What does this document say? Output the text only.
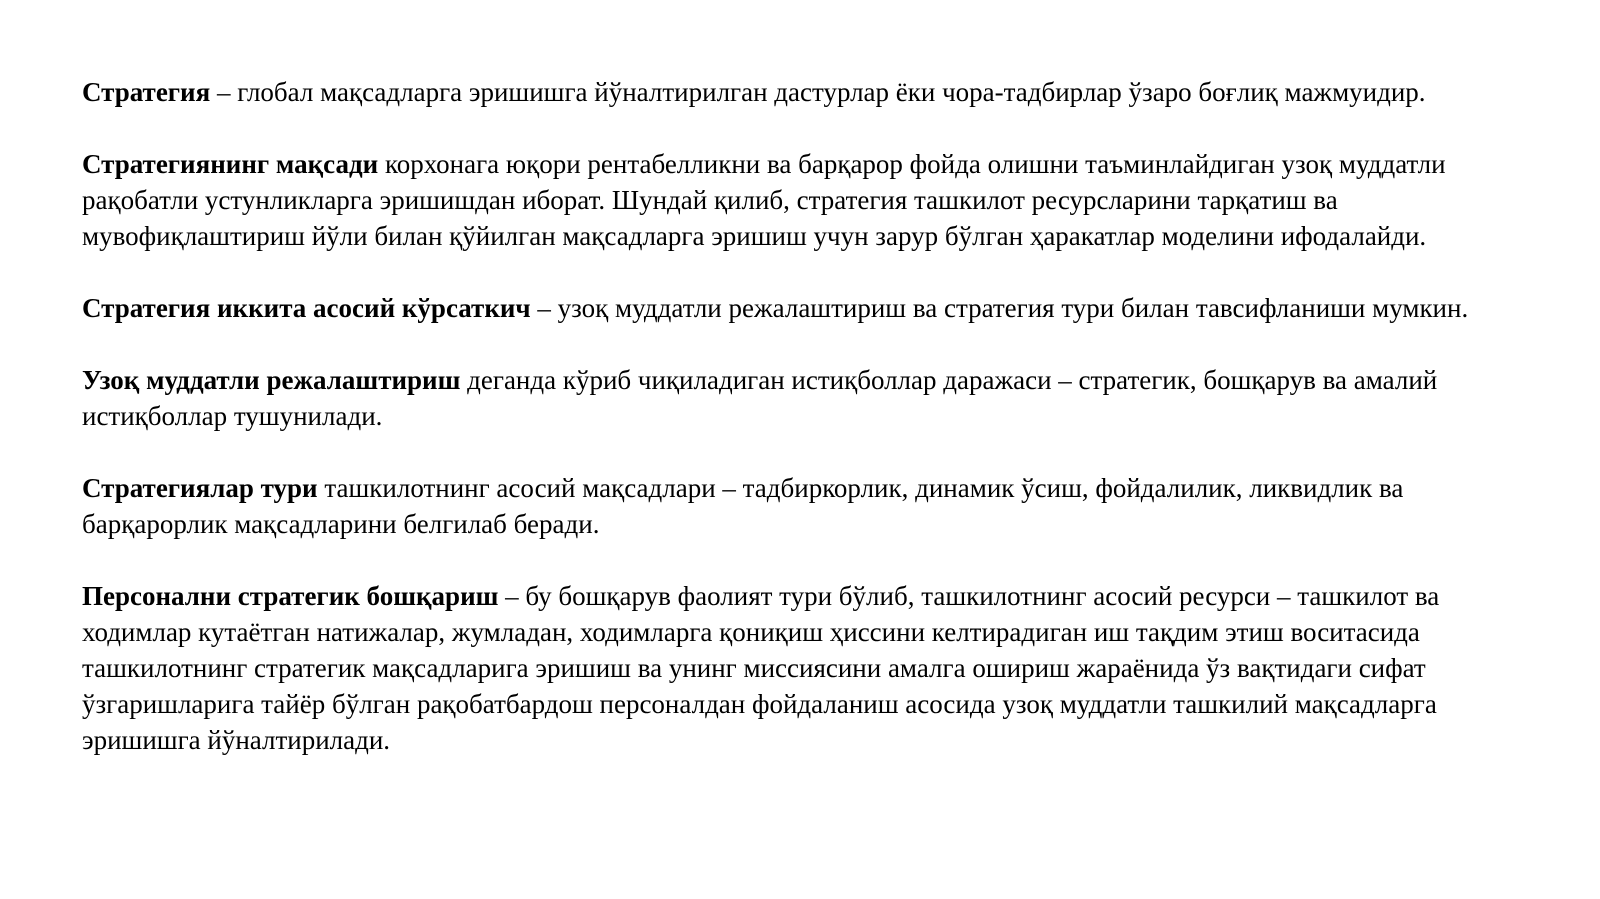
Стратегия – глобал мақсадларга эришишга йўналтирилган дастурлар ёки чора-тадбирлар ўзаро боғлиқ мажмуидир.

Стратегиянинг мақсади корхонага юқори рентабелликни ва барқарор фойда олишни таъминлайдиган узоқ муддатли рақобатли устунликларга эришишдан иборат. Шундай қилиб, стратегия ташкилот ресурсларини тарқатиш ва мувофиқлаштириш йўли билан қўйилган мақсадларга эришиш учун зарур бўлган ҳаракатлар моделини ифодалайди.

Стратегия иккита асосий кўрсаткич – узоқ муддатли режалаштириш ва стратегия тури билан тавсифланиши мумкин.

Узоқ муддатли режалаштириш деганда кўриб чиқиладиган истиқболлар даражаси – стратегик, бошқарув ва амалий истиқболлар тушунилади.

Стратегиялар тури ташкилотнинг асосий мақсадлари – тадбиркорлик, динамик ўсиш, фойдалилик, ликвидлик ва барқарорлик мақсадларини белгилаб беради.

Персонални стратегик бошқариш – бу бошқарув фаолият тури бўлиб, ташкилотнинг асосий ресурси – ташкилот ва ходимлар кутаётган натижалар, жумладан, ходимларга қониқиш ҳиссини келтирадиган иш тақдим этиш воситасида ташкилотнинг стратегик мақсадларига эришиш ва унинг миссиясини амалга ошириш жараёнида ўз вақтидаги сифат ўзгаришларига тайёр бўлган рақобатбардош персоналдан фойдаланиш асосида узоқ муддатли ташкилий мақсадларга эришишга йўналтирилади.
